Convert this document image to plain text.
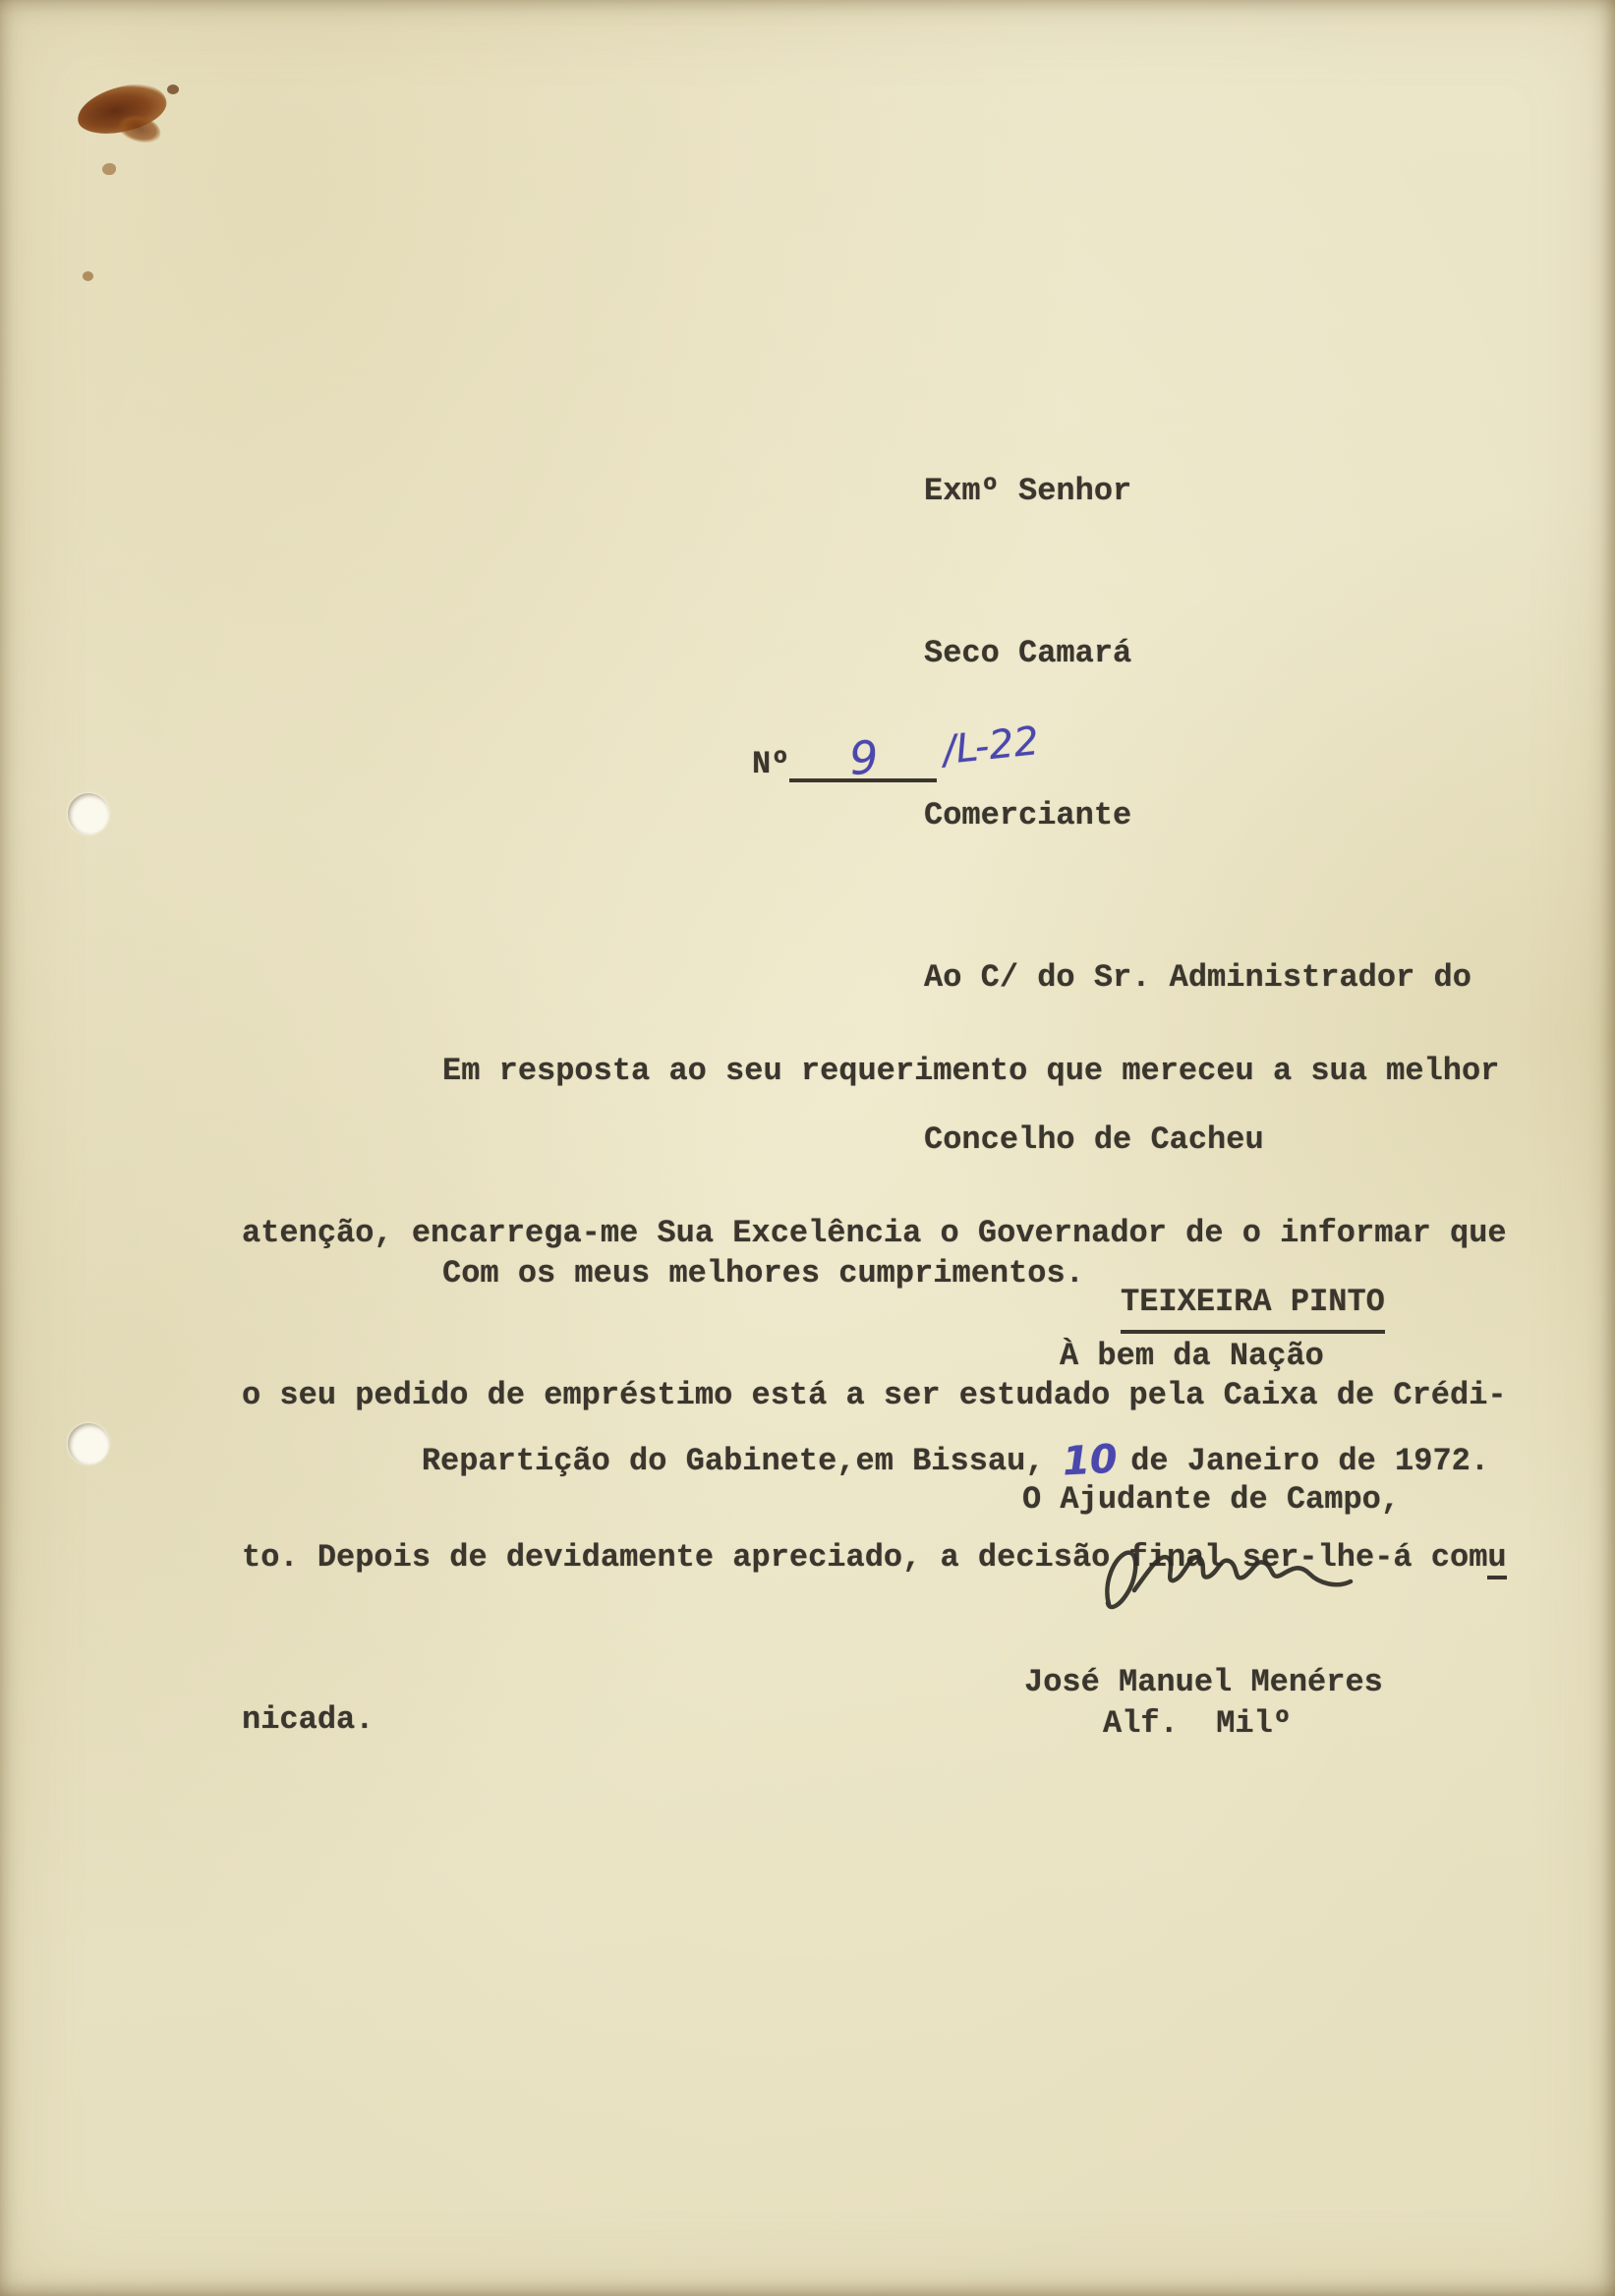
Exmº Senhor

Seco Camará

Comerciante

Ao C/ do Sr. Administrador do

Concelho de Cacheu

TEIXEIRA PINTO

Nº 9 /L-22

Em resposta ao seu requerimento que mereceu a sua melhor

atenção, encarrega-me Sua Excelência o Governador de o informar que

o seu pedido de empréstimo está a ser estudado pela Caixa de Crédi-

to. Depois de devidamente apreciado, a decisão final ser-lhe-á comu

nicada.

Com os meus melhores cumprimentos.
À bem da Nação

Repartição do Gabinete,em Bissau, 10 de Janeiro de 1972.

O Ajudante de Campo,
José Manuel Menéres
Alf.  Milº
